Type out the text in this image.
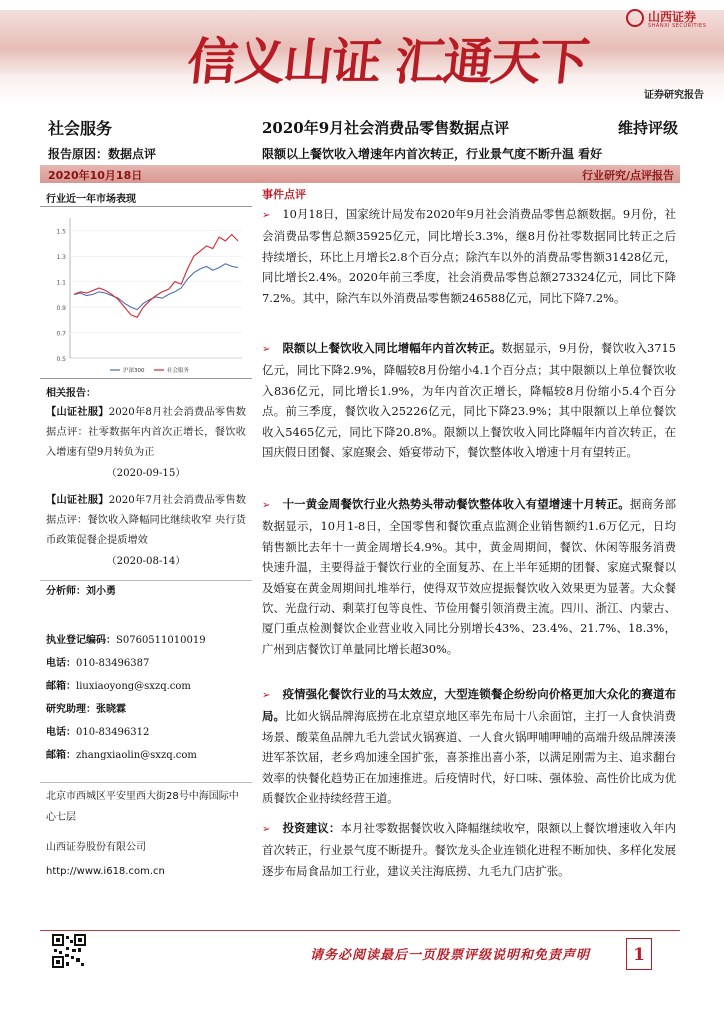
信义山证 汇通天下
山西证券
SHANXI SECURITIES
证券研究报告
社会服务	2020年9月社会消费品零售数据点评	维持评级
报告原因：数据点评	限额以上餐饮收入增速年内首次转正，行业景气度不断升温 看好
2020年10月18日	行业研究/点评报告
行业近一年市场表现
1.5
1.3
1.1
0.9
0.7
0.5
沪深300	社会服务
相关报告：
【山证社服】2020年8月社会消费品零售数据点评：社零数据年内首次正增长，餐饮收入增速有望9月转负为正
（2020-09-15）
【山证社服】2020年7月社会消费品零售数据点评：餐饮收入降幅同比继续收窄 央行货币政策促餐企提质增效
（2020-08-14）
分析师：刘小勇
执业登记编码：S0760511010019
电话：010-83496387
邮箱：liuxiaoyong@sxzq.com
研究助理：张晓霖
电话：010-83496312
邮箱：zhangxiaolin@sxzq.com
北京市西城区平安里西大街28号中海国际中心七层
山西证券股份有限公司
http://www.i618.com.cn
事件点评
➢ 10月18日，国家统计局发布2020年9月社会消费品零售总额数据。9月份，社会消费品零售总额35925亿元，同比增长3.3%，继8月份社零数据同比转正之后持续增长，环比上月增长2.8个百分点；除汽车以外的消费品零售额31428亿元，同比增长2.4%。2020年前三季度，社会消费品零售总额273324亿元，同比下降7.2%。其中，除汽车以外消费品零售额246588亿元，同比下降7.2%。
➢ 限额以上餐饮收入同比增幅年内首次转正。数据显示，9月份，餐饮收入3715亿元，同比下降2.9%，降幅较8月份缩小4.1个百分点；其中限额以上单位餐饮收入836亿元，同比增长1.9%，为年内首次正增长，降幅较8月份缩小5.4个百分点。前三季度，餐饮收入25226亿元，同比下降23.9%；其中限额以上单位餐饮收入5465亿元，同比下降20.8%。限额以上餐饮收入同比降幅年内首次转正，在国庆假日团餐、家庭聚会、婚宴带动下，餐饮整体收入增速十月有望转正。
➢ 十一黄金周餐饮行业火热势头带动餐饮整体收入有望增速十月转正。据商务部数据显示，10月1-8日，全国零售和餐饮重点监测企业销售额约1.6万亿元，日均销售额比去年十一黄金周增长4.9%。其中，黄金周期间，餐饮、休闲等服务消费快速升温，主要得益于餐饮行业的全面复苏、在上半年延期的团餐、家庭式聚餐以及婚宴在黄金周期间扎堆举行，使得双节效应提振餐饮收入效果更为显著。大众餐饮、光盘行动、剩菜打包等良性、节俭用餐引领消费主流。四川、浙江、内蒙古、厦门重点检测餐饮企业营业收入同比分别增长43%、23.4%、21.7%、18.3%，广州到店餐饮订单量同比增长超30%。
➢ 疫情强化餐饮行业的马太效应，大型连锁餐企纷纷向价格更加大众化的赛道布局。比如火锅品牌海底捞在北京望京地区率先布局十八余面馆，主打一人食快消费场景、酸菜鱼品牌九毛九尝试火锅赛道、一人食火锅呷哺呷哺的高端升级品牌湊湊进军茶饮届，老乡鸡加速全国扩张，喜茶推出喜小茶，以满足刚需为主、追求翻台效率的快餐化趋势正在加速推进。后疫情时代，好口味、强体验、高性价比成为优质餐饮企业持续经营王道。
➢ 投资建议：本月社零数据餐饮收入降幅继续收窄，限额以上餐饮增速收入年内首次转正，行业景气度不断提升。餐饮龙头企业连锁化进程不断加快、多样化发展逐步布局食品加工行业，建议关注海底捞、九毛九门店扩张。
请务必阅读最后一页股票评级说明和免责声明	1
